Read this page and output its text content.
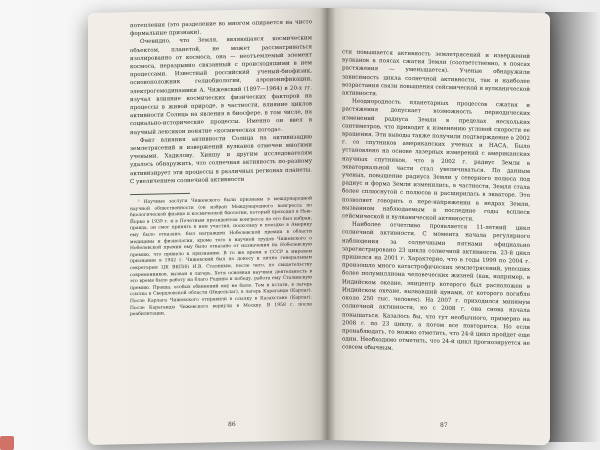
потепления (это разделение во многом опирается на чисто формальные признаки).

Очевидно, что Земля, являющаяся космическим объектом, планетой, не может рассматриваться изолированно от космоса, она — неотъемлемый элемент космоса, неразрывно связанный с происходящими в нем процессами. Известный российский ученый-биофизик, основоположник гелиобиологии, аэроионификации, электрогемодинамики А. Чижевский (1897—1964) в 20-х гг. изучал влияние космических физических факторов на процессы в живой природе, в частности, влияние циклов активности Солнца на явления в биосфере, в том числе, на социально-исторические процессы. Именно он ввел в научный лексикон понятие «космическая погода».

Факт влияния активности Солнца на активизацию землетрясений и извержений вулканов отмечен многими учеными. Хадилову, Хиншу и другим исследователям удалось обнаружить, что солнечная активность по-разному активизирует эти процессы в различных регионах планеты. С увеличением солнечной активности

¹ Научные заслуги Чижевского были признаны в международной научной общественности (он избран Международного конгресса по биологической физике и космической биологии, который проходил в Нью-Йорке в 1939 г. и в Почетным президентом конгресса по его был избран, правда, он смог принять в нем участия, поскольку в поездке в Америку ему было отказано, был награжден Нобелевской премии в области медицины и физиологии, кроме того в научной трудов Чижевского о Нобелевской премии ему было отказано от назначения на Нобелевскую премию, что привело к признанию. В то же время в СССР в мировом признании в 1942 г. Чижевский был по доносу и лично генеральным секретарем ЦК ВКП(б) И.В. Сталиным, после чего, по свидетельству современников, вызван в лагерь. Хотя основная научная деятельность в это время было работу на благо Родины и победу, работа ему Сталинскую премию. Правда, особых обвинений ему не было. Тем и кстати, в лагерь ссылка в Свердловской области (Ивдельлаг), в лагерь Караганде (Карлаг). После Карлага Чижевского отправили в ссылку в Казахстане (Карлаг). После Караганды Чижевского вернули в Москву. В 1958 г. после реабилитации.

86

сти повышается активность землетрясений и извержений вулканов в поясах сжатия Земли (соответственно, в поясах растяжения — уменьшается). Ученые обнаружили зависимость цикла солнечной активности, так и наиболее возрастания связи повышения сейсмической и вулканической активности.

Неоднородность планетарных процессов сжатия и растяжения допускает возможность периодических изменений радиуса Земли в пределах нескольких сантиметров, что приводит к изменению угловой скорости ее вращения. Эти выводы также получили подтверждение в 2002 г. со спутников американских ученых и НАСА. Было установлено на основе лазерных измерений с американских научных спутников, что в 2002 г. радиус Земли в экваториальной части стал увеличиваться. По данным ученых, повышение радиуса Земли у северного полюса под радиус и форма Земли изменились, в частности, Земля стала более сплюснутой с полюсов и расширилась в экваторе. Это позволяет говорить о пере-напряжении в недрах Земли, вызванном наблюдаемым в последние годы всплеск сейсмической и вулканической активности.

Наиболее отчетливо проявляется 11-летний цикл солнечной активности. С момента начала регулярного наблюдения за солнечными пятнами официально зарегистрировано 23 цикла солнечной активности. 23-й цикл пришелся на 2001 г. Характерно, что в годы 1999 по 2004 г. произошло много катастрофических землетрясений, унесших более полумиллиона человеческих жизней (как, например, в Индийском океане, эпицентр которого был расположен в Индийском океане, вызвавший цунами, от которого погибло около 250 тыс. человек). На 2007 г. приходился минимум солнечной активности, но с 2008 г. она снова начала повышаться. Казалось бы, что тут необычного, примерно на 2008 г. по 23 циклу, а потом все повторится. Но если пронаблюдать, то можно отметить, что 24-й цикл пройдет еще один. Необходимо отметить, что 24-й цикл прогнозируется не совсем обычным.

87
